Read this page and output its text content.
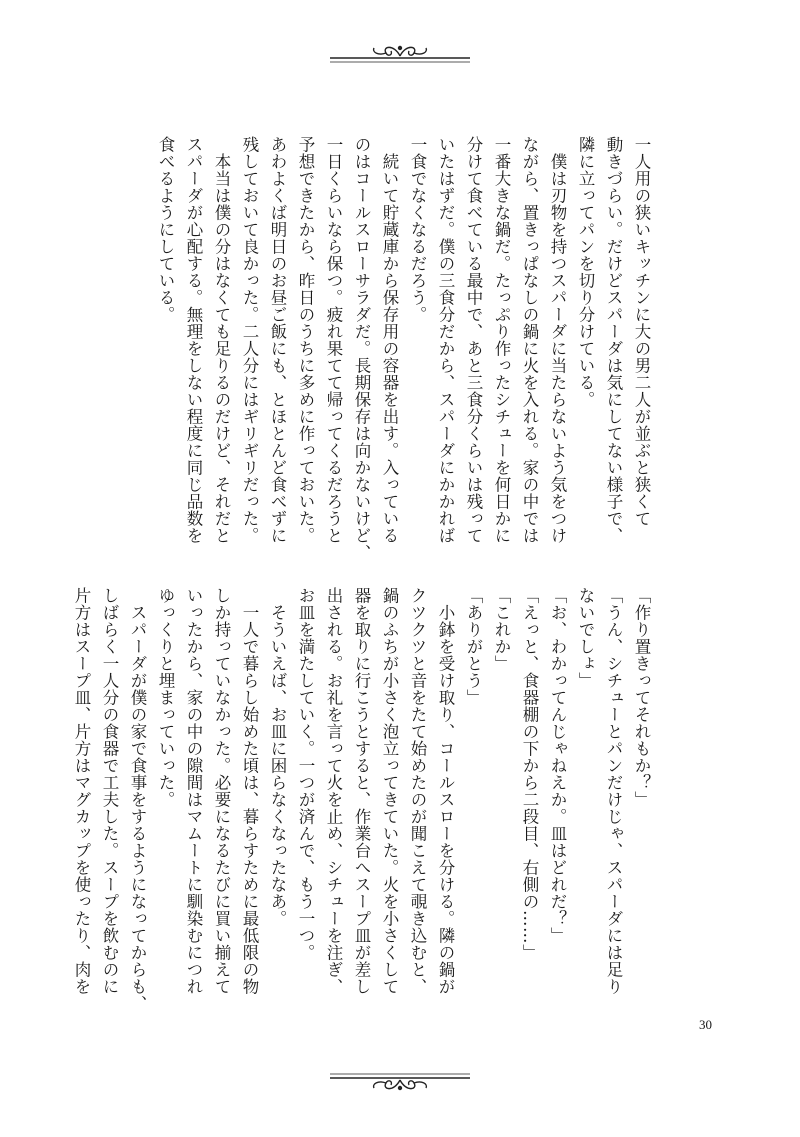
一人用の狭いキッチンに大の男二人が並ぶと狭くて
動きづらい。だけどスパーダは気にしてない様子で、
隣に立ってパンを切り分けている。
　僕は刃物を持つスパーダに当たらないよう気をつけ
ながら、置きっぱなしの鍋に火を入れる。家の中では
一番大きな鍋だ。たっぷり作ったシチューを何日かに
分けて食べている最中で、あと三食分くらいは残って
いたはずだ。僕の三食分だから、スパーダにかかれば
一食でなくなるだろう。
　続いて貯蔵庫から保存用の容器を出す。入っている
のはコールスローサラダだ。長期保存は向かないけど、
一日くらいなら保つ。疲れ果てて帰ってくるだろうと
予想できたから、昨日のうちに多めに作っておいた。
あわよくば明日のお昼ご飯にも、とほとんど食べずに
残しておいて良かった。二人分にはギリギリだった。
　本当は僕の分はなくても足りるのだけど、それだと
スパーダが心配する。無理をしない程度に同じ品数を
食べるようにしている。
「作り置きってそれもか？」
「うん、シチューとパンだけじゃ、スパーダには足り
ないでしょ」
「お、わかってんじゃねえか。皿はどれだ？」
「えっと、食器棚の下から二段目、右側の……」
「これか」
「ありがとう」
　小鉢を受け取り、コールスローを分ける。隣の鍋が
クツクツと音をたて始めたのが聞こえて覗き込むと、
鍋のふちが小さく泡立ってきていた。火を小さくして
器を取りに行こうとすると、作業台へスープ皿が差し
出される。お礼を言って火を止め、シチューを注ぎ、
お皿を満たしていく。一つが済んで、もう一つ。
　そういえば、お皿に困らなくなったなあ。
　一人で暮らし始めた頃は、暮らすために最低限の物
しか持っていなかった。必要になるたびに買い揃えて
いったから、家の中の隙間はマムートに馴染むにつれ
ゆっくりと埋まっていった。
　スパーダが僕の家で食事をするようになってからも、
しばらく一人分の食器で工夫した。スープを飲むのに
片方はスープ皿、片方はマグカップを使ったり、肉を
30
